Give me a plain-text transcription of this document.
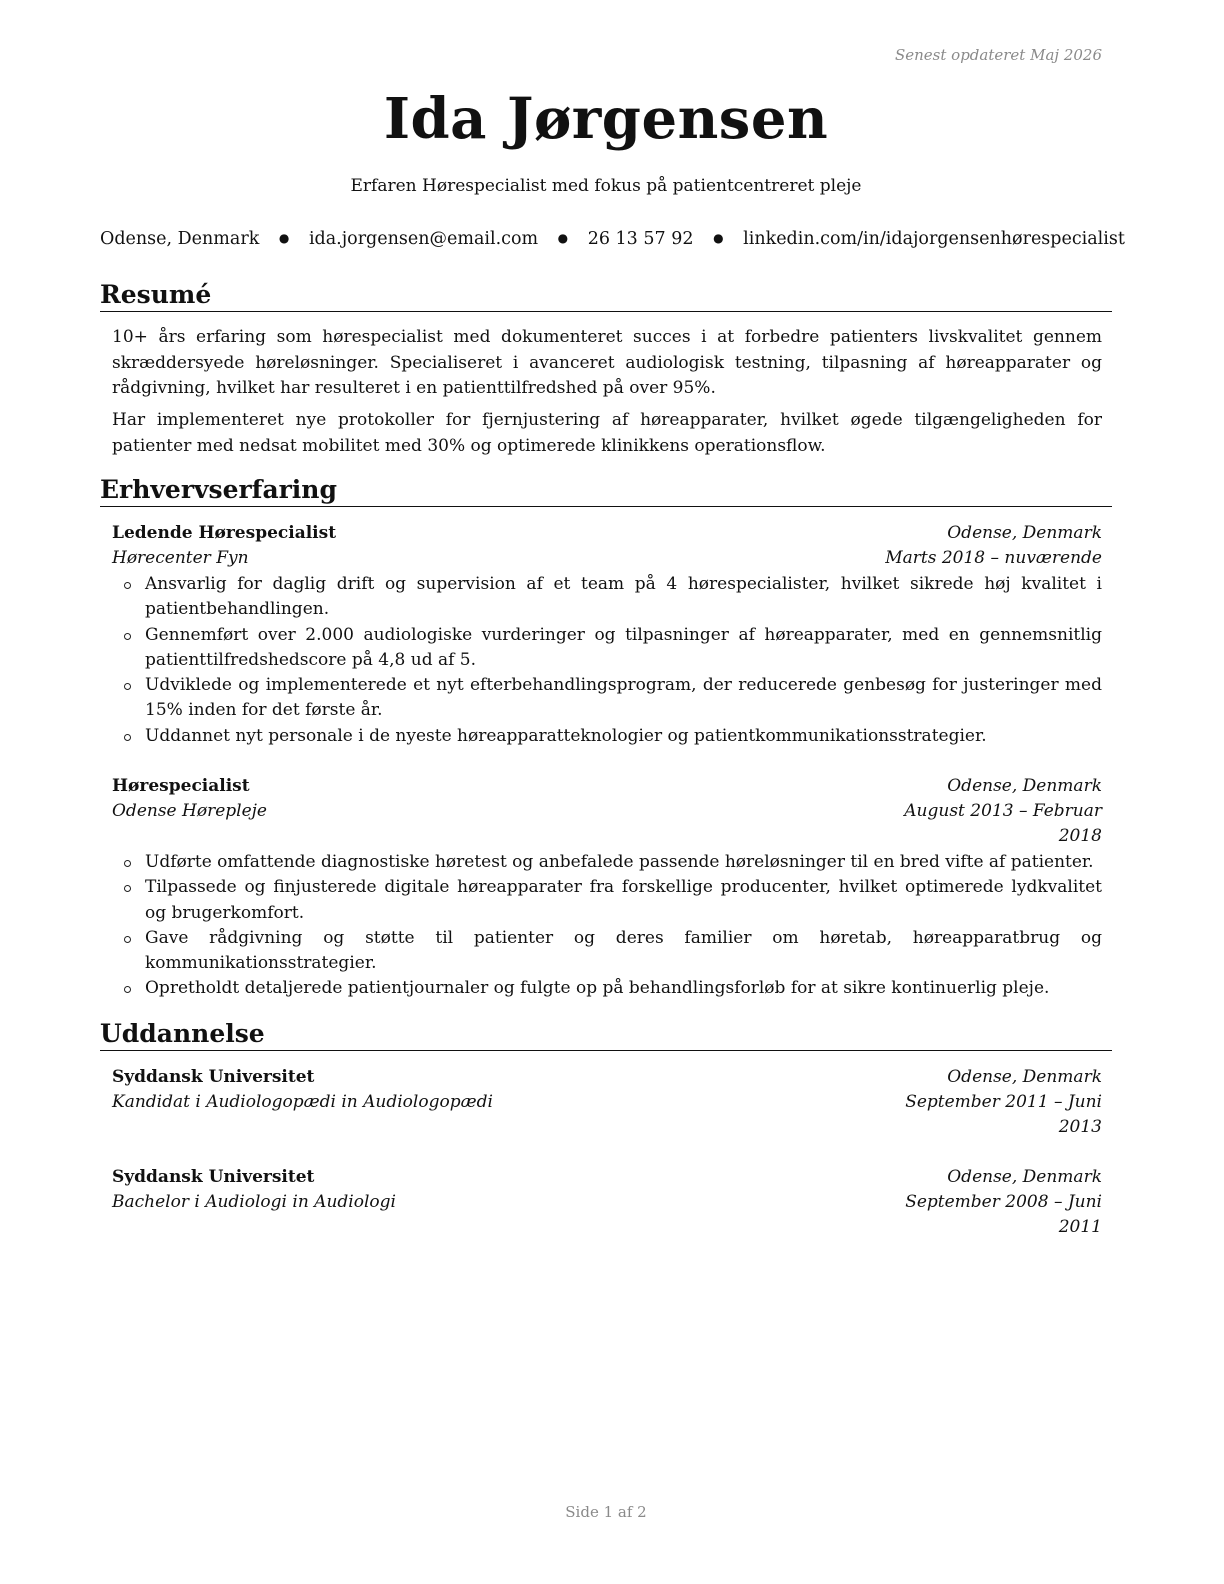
Senest opdateret Maj 2026
Ida Jørgensen
Erfaren Hørespecialist med fokus på patientcentreret pleje
Odense, Denmark ● ida.jorgensen@email.com ● 26 13 57 92 ● linkedin.com/in/idajorgensenhørespecialist
Resumé
10+ års erfaring som hørespecialist med dokumenteret succes i at forbedre patienters livskvalitet gennem skræddersyede høreløsninger. Specialiseret i avanceret audiologisk testning, tilpasning af høreapparater og rådgivning, hvilket har resulteret i en patienttilfredshed på over 95%.
Har implementeret nye protokoller for fjernjustering af høreapparater, hvilket øgede tilgængeligheden for patienter med nedsat mobilitet med 30% og optimerede klinikkens operationsflow.
Erhvervserfaring
Ledende Hørespecialist	Odense, Denmark
Hørecenter Fyn	Marts 2018 – nuværende
Ansvarlig for daglig drift og supervision af et team på 4 hørespecialister, hvilket sikrede høj kvalitet i patientbehandlingen.
Gennemført over 2.000 audiologiske vurderinger og tilpasninger af høreapparater, med en gennemsnitlig patienttilfredshedscore på 4,8 ud af 5.
Udviklede og implementerede et nyt efterbehandlingsprogram, der reducerede genbesøg for justeringer med 15% inden for det første år.
Uddannet nyt personale i de nyeste høreapparatteknologier og patientkommunikationsstrategier.
Hørespecialist	Odense, Denmark
Odense Hørepleje	August 2013 – Februar 2018
Udførte omfattende diagnostiske høretest og anbefalede passende høreløsninger til en bred vifte af patienter.
Tilpassede og finjusterede digitale høreapparater fra forskellige producenter, hvilket optimerede lydkvalitet og brugerkomfort.
Gave rådgivning og støtte til patienter og deres familier om høretab, høreapparatbrug og kommunikationsstrategier.
Opretholdt detaljerede patientjournaler og fulgte op på behandlingsforløb for at sikre kontinuerlig pleje.
Uddannelse
Syddansk Universitet	Odense, Denmark
Kandidat i Audiologopædi in Audiologopædi	September 2011 – Juni 2013
Syddansk Universitet	Odense, Denmark
Bachelor i Audiologi in Audiologi	September 2008 – Juni 2011
Side 1 af 2
